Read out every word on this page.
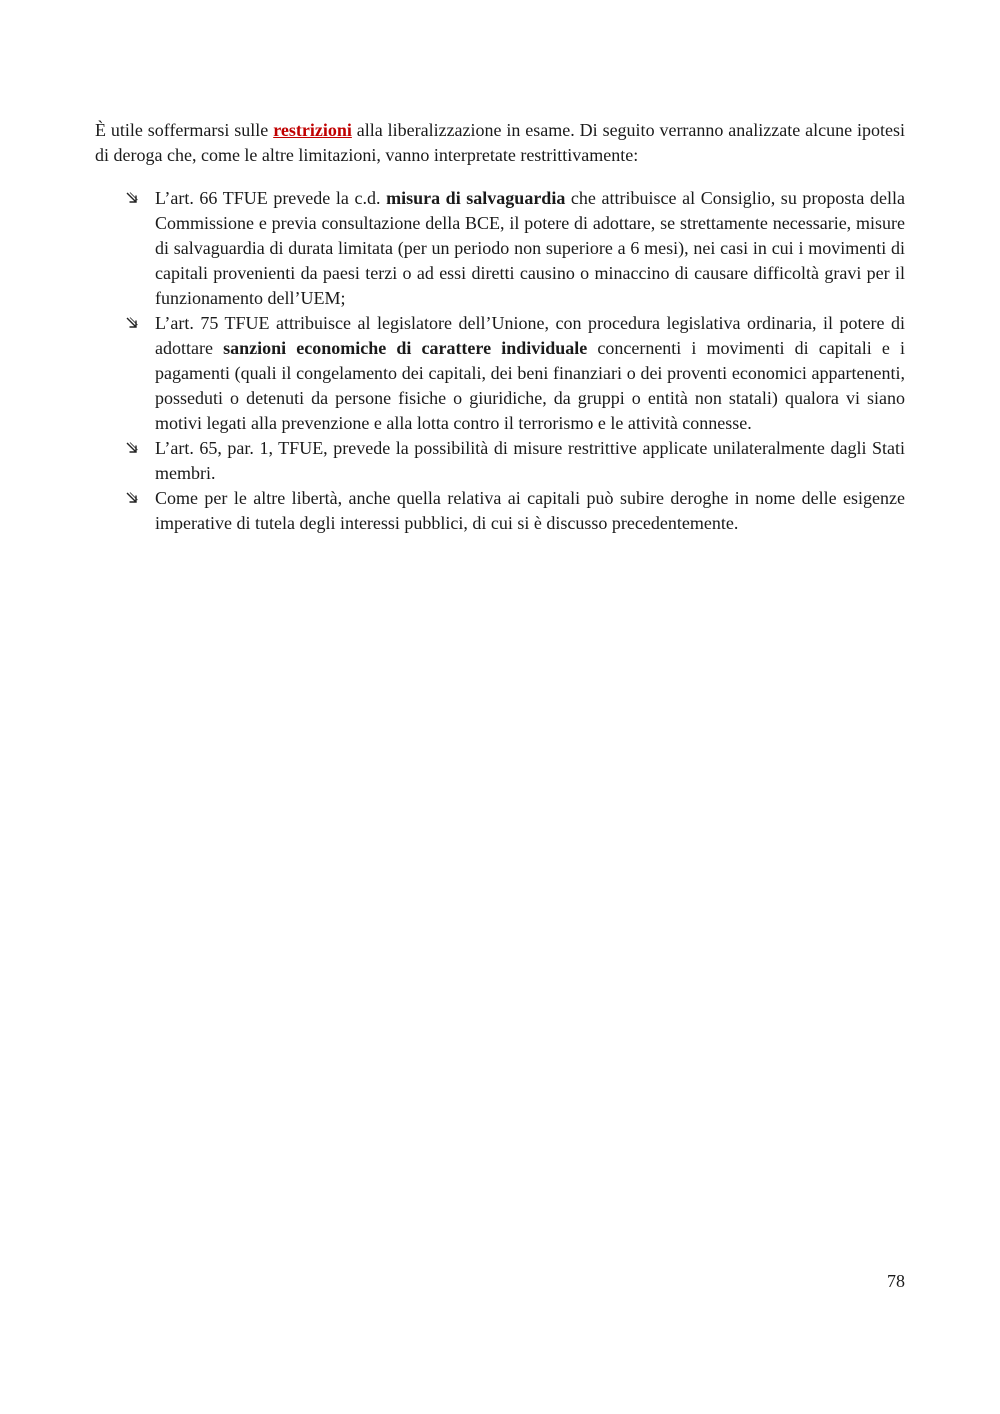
È utile soffermarsi sulle restrizioni alla liberalizzazione in esame. Di seguito verranno analizzate alcune ipotesi di deroga che, come le altre limitazioni, vanno interpretate restrittivamente:

L’art. 66 TFUE prevede la c.d. misura di salvaguardia che attribuisce al Consiglio, su proposta della Commissione e previa consultazione della BCE, il potere di adottare, se strettamente necessarie, misure di salvaguardia di durata limitata (per un periodo non superiore a 6 mesi), nei casi in cui i movimenti di capitali provenienti da paesi terzi o ad essi diretti causino o minaccino di causare difficoltà gravi per il funzionamento dell’UEM;
L’art. 75 TFUE attribuisce al legislatore dell’Unione, con procedura legislativa ordinaria, il potere di adottare sanzioni economiche di carattere individuale concernenti i movimenti di capitali e i pagamenti (quali il congelamento dei capitali, dei beni finanziari o dei proventi economici appartenenti, posseduti o detenuti da persone fisiche o giuridiche, da gruppi o entità non statali) qualora vi siano motivi legati alla prevenzione e alla lotta contro il terrorismo e le attività connesse.
L’art. 65, par. 1, TFUE, prevede la possibilità di misure restrittive applicate unilateralmente dagli Stati membri.
Come per le altre libertà, anche quella relativa ai capitali può subire deroghe in nome delle esigenze imperative di tutela degli interessi pubblici, di cui si è discusso precedentemente.
78
